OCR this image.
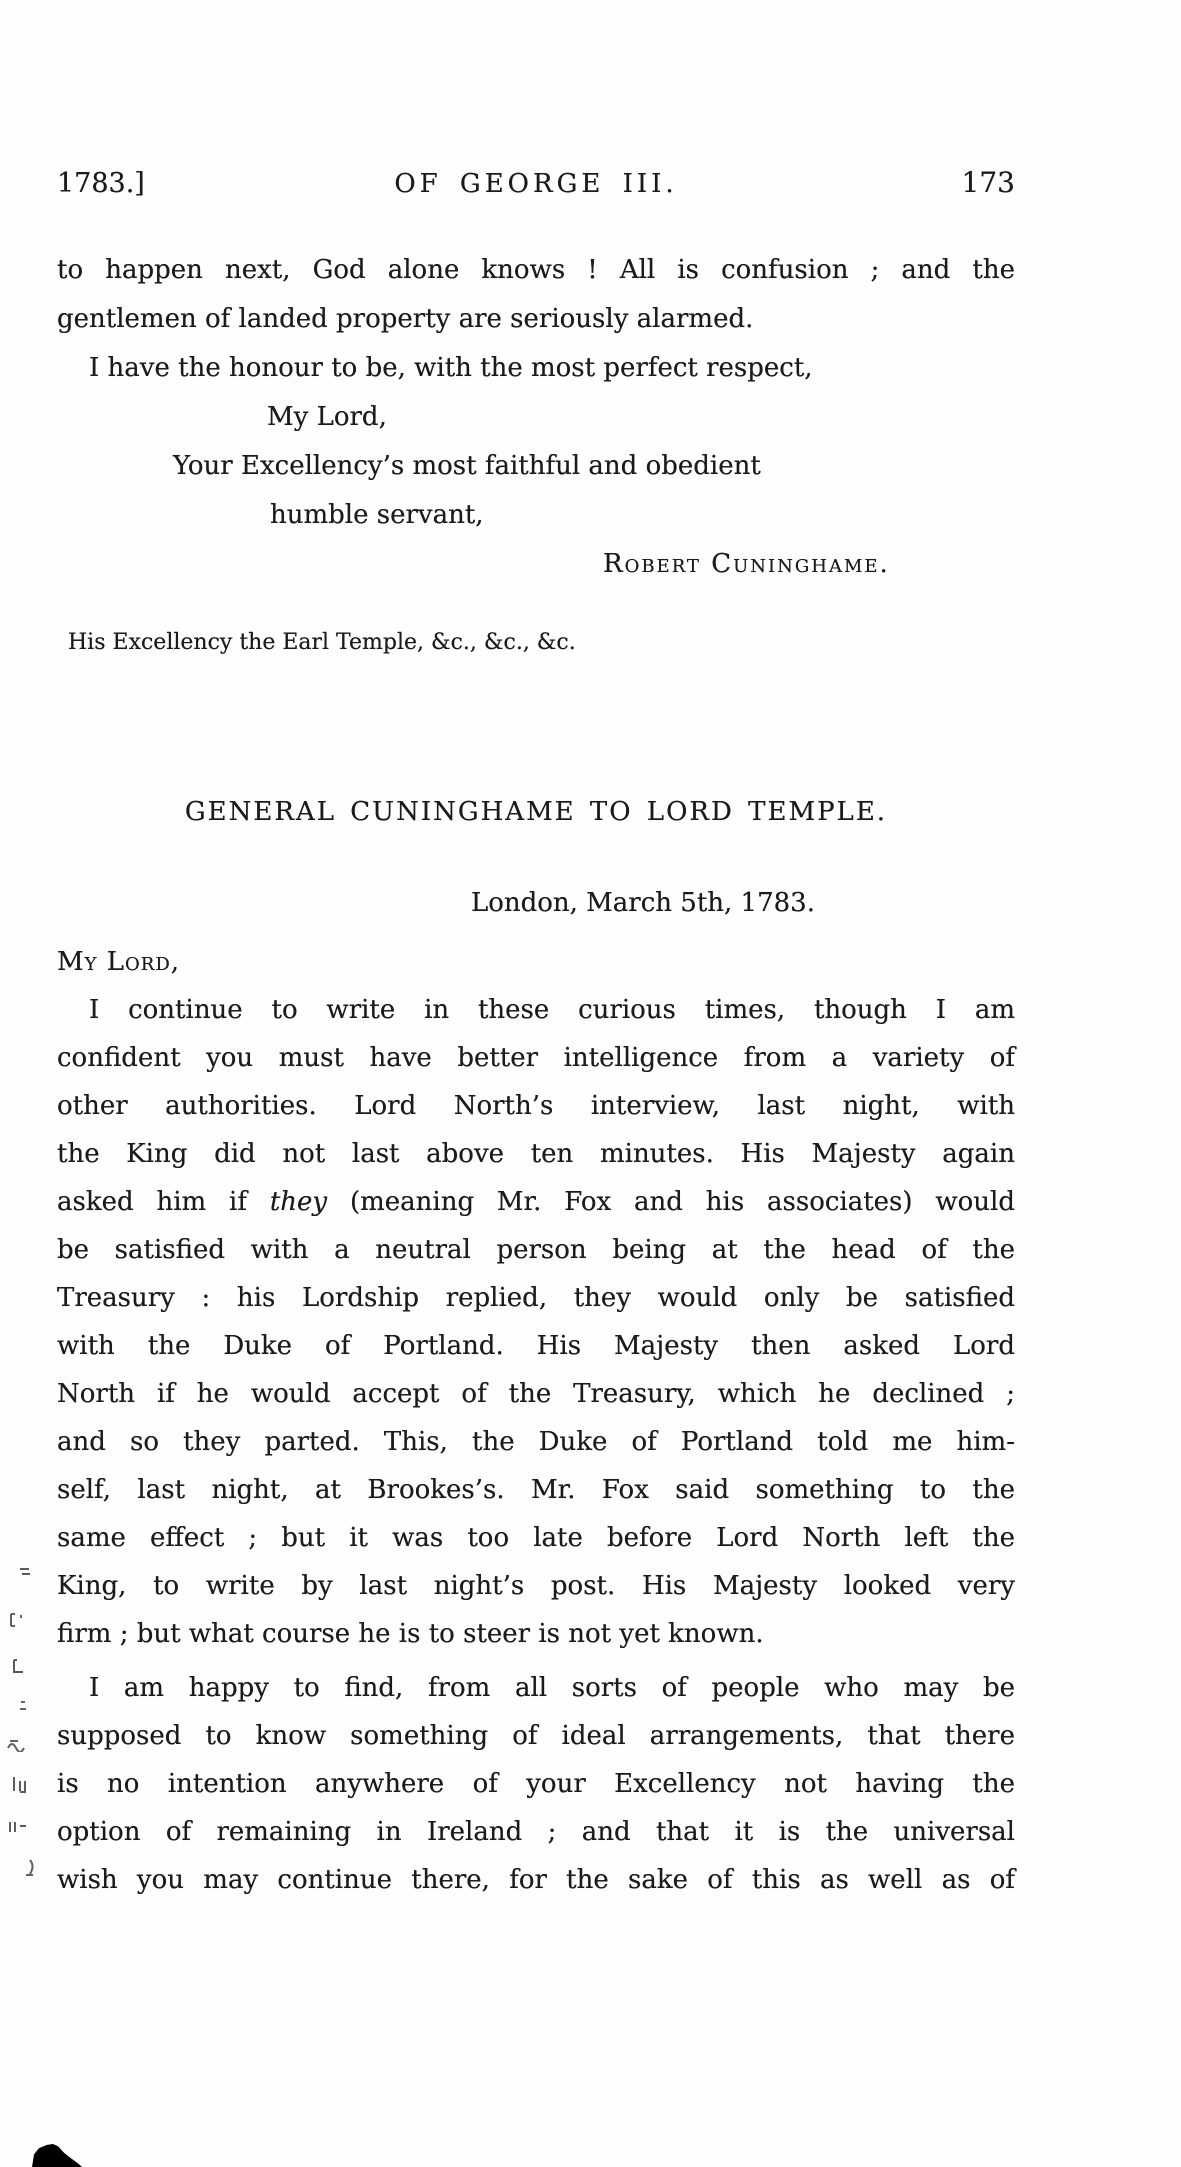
1783.]	OF GEORGE III.	173
to happen next, God alone knows ! All is confusion ; and the
gentlemen of landed property are seriously alarmed.
I have the honour to be, with the most perfect respect,
My Lord,
Your Excellency’s most faithful and obedient
humble servant,
Robert Cuninghame.
His Excellency the Earl Temple, &c., &c., &c.
GENERAL CUNINGHAME TO LORD TEMPLE.
London, March 5th, 1783.
My Lord,
I continue to write in these curious times, though I am
confident you must have better intelligence from a variety of
other authorities. Lord North’s interview, last night, with
the King did not last above ten minutes. His Majesty again
asked him if they (meaning Mr. Fox and his associates) would
be satisfied with a neutral person being at the head of the
Treasury : his Lordship replied, they would only be satisfied
with the Duke of Portland. His Majesty then asked Lord
North if he would accept of the Treasury, which he declined ;
and so they parted. This, the Duke of Portland told me him-
self, last night, at Brookes’s. Mr. Fox said something to the
same effect ; but it was too late before Lord North left the
King, to write by last night’s post. His Majesty looked very
firm ; but what course he is to steer is not yet known.
I am happy to find, from all sorts of people who may be
supposed to know something of ideal arrangements, that there
is no intention anywhere of your Excellency not having the
option of remaining in Ireland ; and that it is the universal
wish you may continue there, for the sake of this as well as of
